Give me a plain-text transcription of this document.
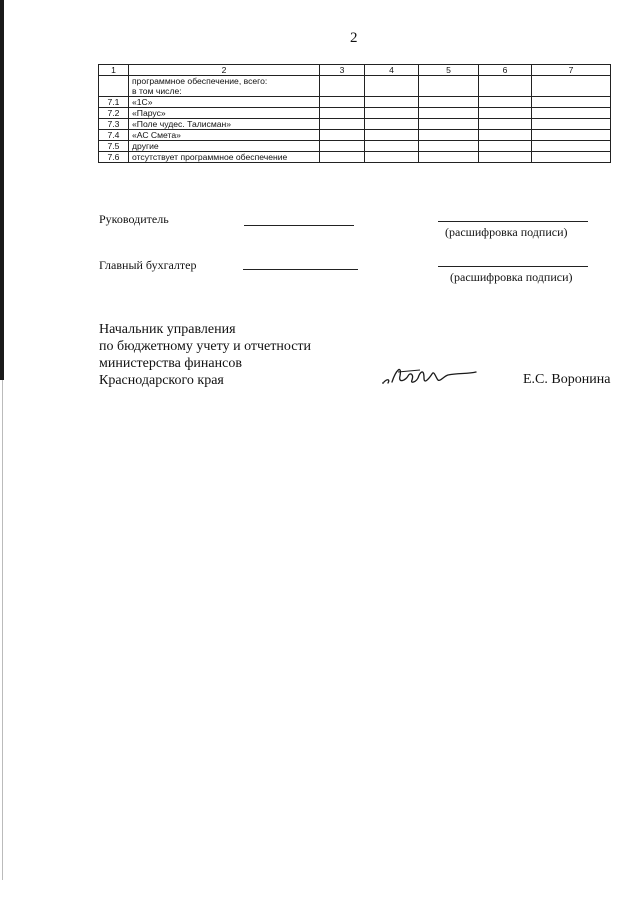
2
1	2	3	4	5	6	7
	программное обеспечение, всего:
в том числе:					
7.1	«1С»					
7.2	«Парус»					
7.3	«Поле чудес. Талисман»					
7.4	«АС Смета»					
7.5	другие					
7.6	отсутствует программное обеспечение					
Руководитель
(расшифровка подписи)
Главный бухгалтер
(расшифровка подписи)
Начальник управления
по бюджетному учету и отчетности
министерства финансов
Краснодарского края	Е.С. Воронина
